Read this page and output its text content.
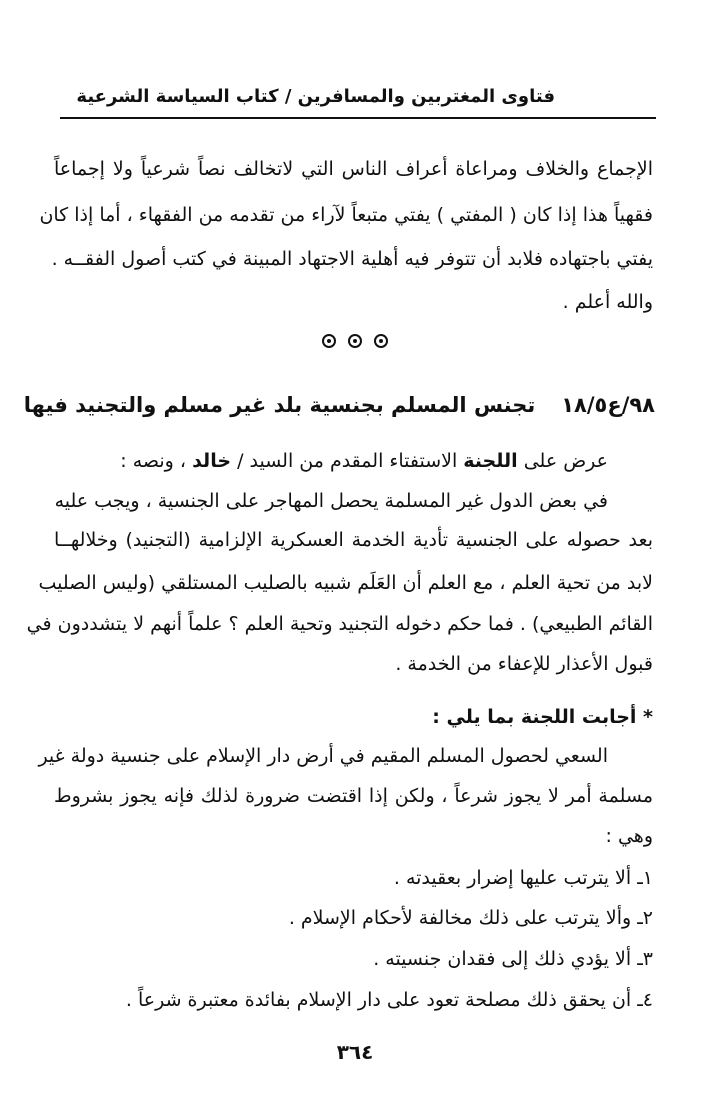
فتاوى المغتربين والمسافرين / كتاب السياسة الشرعية
الإجماع والخلاف ومراعاة أعراف الناس التي لاتخالف نصاً شرعياً ولا إجماعاً
فقهياً هذا إذا كان ( المفتي ) يفتي متبعاً لآراء من تقدمه من الفقهاء ، أما إذا كان
يفتي باجتهاده فلابد أن تتوفر فيه أهلية الاجتهاد المبينة في كتب أصول الفقــه .
والله أعلم .
٩٨/ع١٨/٥تجنس المسلم بجنسية بلد غير مسلم والتجنيد فيها
عرض على اللجنة الاستفتاء المقدم من السيد / خالد ، ونصه :
في بعض الدول غير المسلمة يحصل المهاجر على الجنسية ، ويجب عليه
بعد حصوله على الجنسية تأدية الخدمة العسكرية الإلزامية (التجنيد) وخلالهــا
لابد من تحية العلم ، مع العلم أن العَلَم شبيه بالصليب المستلقي (وليس الصليب
القائم الطبيعي) . فما حكم دخوله التجنيد وتحية العلم ؟ علماً أنهم لا يتشددون في
قبول الأعذار للإعفاء من الخدمة .
* أجابت اللجنة بما يلي :
السعي لحصول المسلم المقيم في أرض دار الإسلام على جنسية دولة غير
مسلمة أمر لا يجوز شرعاً ، ولكن إذا اقتضت ضرورة لذلك فإنه يجوز بشروط
وهي :
١ـ ألا يترتب عليها إضرار بعقيدته .
٢ـ وألا يترتب على ذلك مخالفة لأحكام الإسلام .
٣ـ ألا يؤدي ذلك إلى فقدان جنسيته .
٤ـ أن يحقق ذلك مصلحة تعود على دار الإسلام بفائدة معتبرة شرعاً .
٣٦٤
